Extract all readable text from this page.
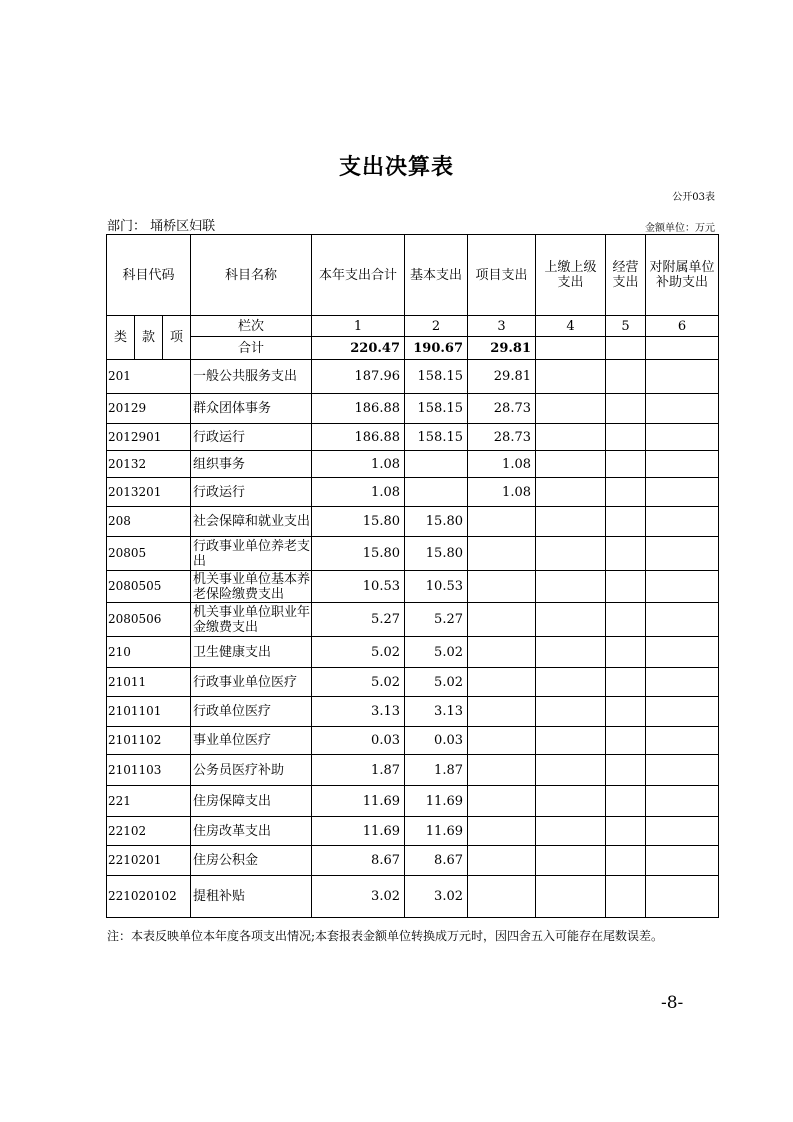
支出决算表
公开03表
部门： 埇桥区妇联	金额单位：万元
科目代码			科目名称	本年支出合计	基本支出	项目支出	上缴上级支出	经营支出	对附属单位补助支出
类	款	项	栏次	1	2	3	4	5	6
			合计	220.47	190.67	29.81			
201			一般公共服务支出	187.96	158.15	29.81			
20129			群众团体事务	186.88	158.15	28.73			
2012901			行政运行	186.88	158.15	28.73			
20132			组织事务	1.08		1.08			
2013201			行政运行	1.08		1.08			
208			社会保障和就业支出	15.80	15.80				
20805			行政事业单位养老支出	15.80	15.80				
2080505			机关事业单位基本养老保险缴费支出	10.53	10.53				
2080506			机关事业单位职业年金缴费支出	5.27	5.27				
210			卫生健康支出	5.02	5.02				
21011			行政事业单位医疗	5.02	5.02				
2101101			行政单位医疗	3.13	3.13				
2101102			事业单位医疗	0.03	0.03				
2101103			公务员医疗补助	1.87	1.87				
221			住房保障支出	11.69	11.69				
22102			住房改革支出	11.69	11.69				
2210201			住房公积金	8.67	8.67				
221020102			提租补贴	3.02	3.02				
注：本表反映单位本年度各项支出情况;本套报表金额单位转换成万元时，因四舍五入可能存在尾数误差。
-8-
